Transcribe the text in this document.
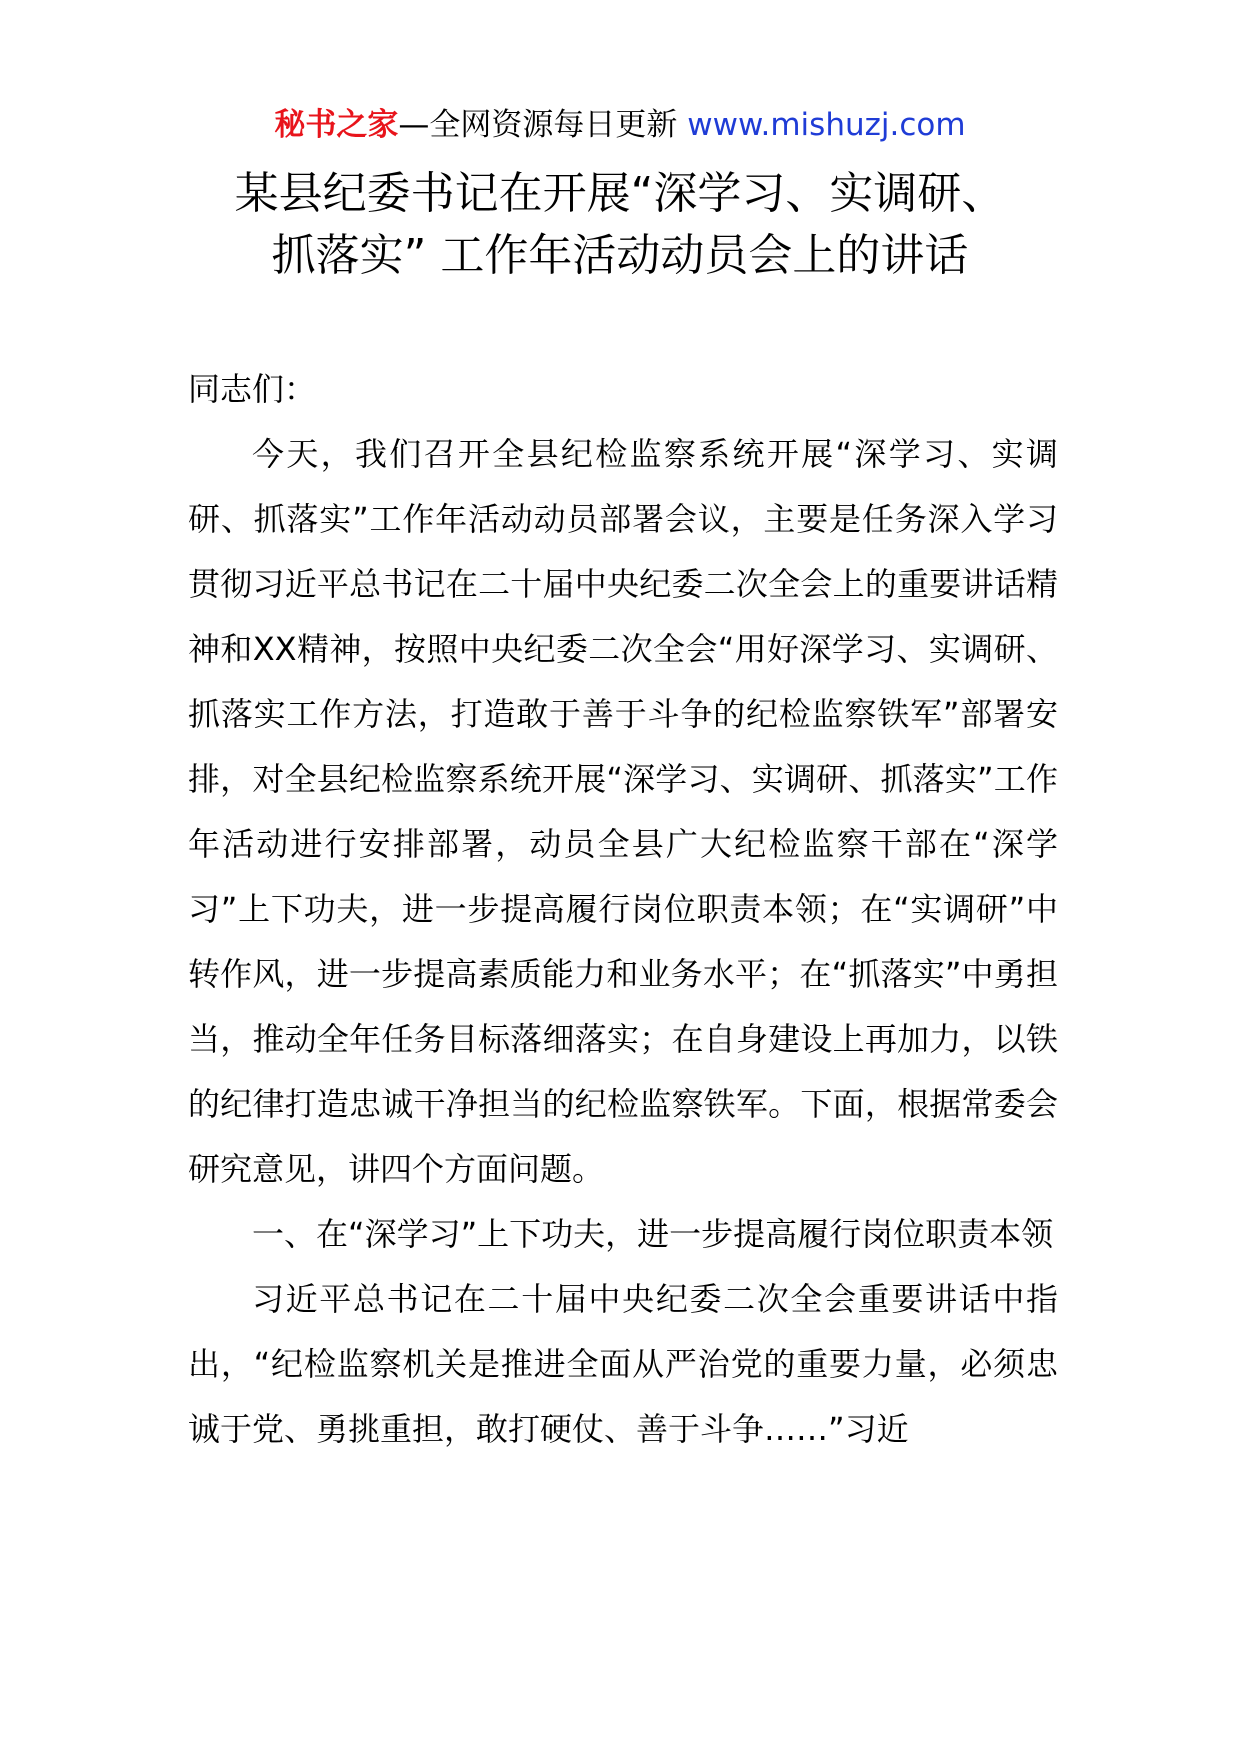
秘书之家—全网资源每日更新 www.mishuzj.com
某县纪委书记在开展“深学习、实调研、
抓落实” 工作年活动动员会上的讲话

同志们：

今天，我们召开全县纪检监察系统开展“深学习、实调研、抓落实”工作年活动动员部署会议，主要是任务深入学习贯彻习近平总书记在二十届中央纪委二次全会上的重要讲话精神和XX精神，按照中央纪委二次全会“用好深学习、实调研、抓落实工作方法，打造敢于善于斗争的纪检监察铁军”部署安排，对全县纪检监察系统开展“深学习、实调研、抓落实”工作年活动进行安排部署，动员全县广大纪检监察干部在“深学习”上下功夫，进一步提高履行岗位职责本领；在“实调研”中转作风，进一步提高素质能力和业务水平；在“抓落实”中勇担当，推动全年任务目标落细落实；在自身建设上再加力，以铁的纪律打造忠诚干净担当的纪检监察铁军。下面，根据常委会研究意见，讲四个方面问题。

一、在“深学习”上下功夫，进一步提高履行岗位职责本领

习近平总书记在二十届中央纪委二次全会重要讲话中指出，“纪检监察机关是推进全面从严治党的重要力量，必须忠诚于党、勇挑重担，敢打硬仗、善于斗争……”习近
